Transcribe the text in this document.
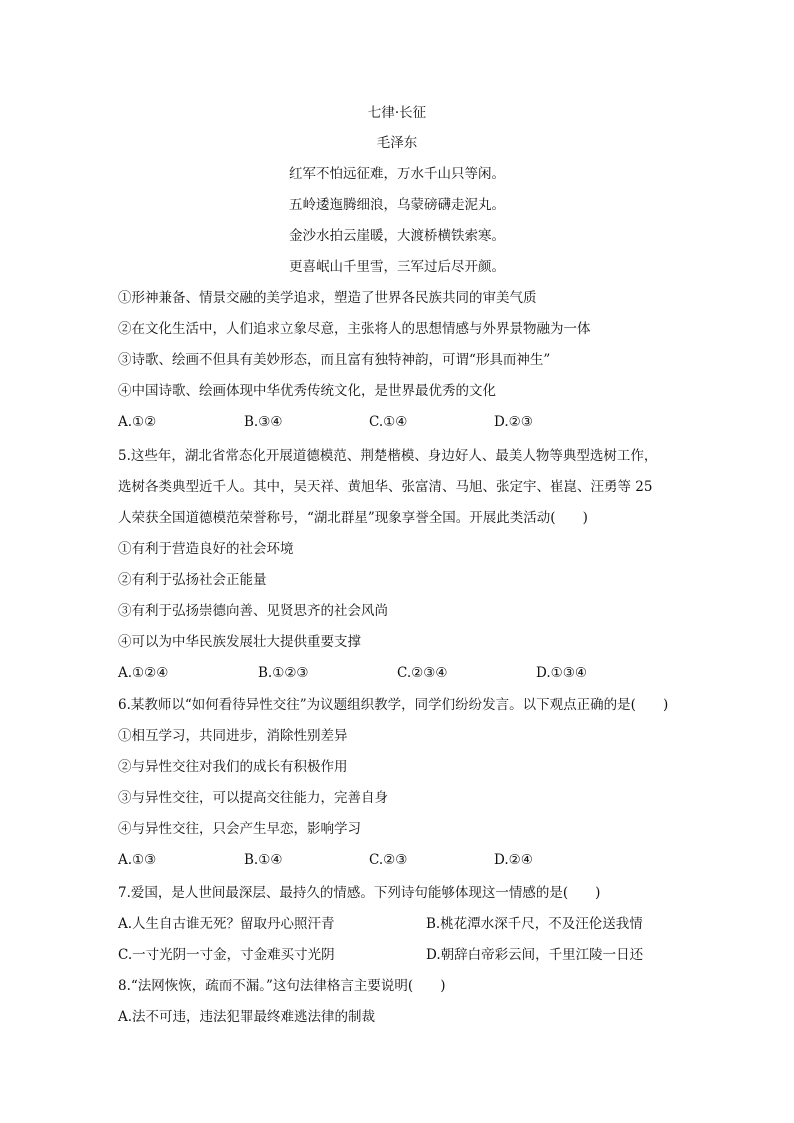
七律·长征
毛泽东
红军不怕远征难，万水千山只等闲。
五岭逶迤腾细浪，乌蒙磅礴走泥丸。
金沙水拍云崖暖，大渡桥横铁索寒。
更喜岷山千里雪，三军过后尽开颜。
①形神兼备、情景交融的美学追求，塑造了世界各民族共同的审美气质
②在文化生活中，人们追求立象尽意，主张将人的思想情感与外界景物融为一体
③诗歌、绘画不但具有美妙形态，而且富有独特神韵，可谓“形具而神生”
④中国诗歌、绘画体现中华优秀传统文化，是世界最优秀的文化
A.①②	B.③④	C.①④	D.②③
5.这些年，湖北省常态化开展道德模范、荆楚楷模、身边好人、最美人物等典型选树工作，
选树各类典型近千人。其中，吴天祥、黄旭华、张富清、马旭、张定宇、崔崑、汪勇等 25
人荣获全国道德模范荣誉称号，“湖北群星”现象享誉全国。开展此类活动(　　)
①有利于营造良好的社会环境
②有利于弘扬社会正能量
③有利于弘扬崇德向善、见贤思齐的社会风尚
④可以为中华民族发展壮大提供重要支撑
A.①②④	B.①②③	C.②③④	D.①③④
6.某教师以“如何看待异性交往”为议题组织教学，同学们纷纷发言。以下观点正确的是(　　)
①相互学习，共同进步，消除性别差异
②与异性交往对我们的成长有积极作用
③与异性交往，可以提高交往能力，完善自身
④与异性交往，只会产生早恋，影响学习
A.①③	B.①④	C.②③	D.②④
7.爱国，是人世间最深层、最持久的情感。下列诗句能够体现这一情感的是(　　)
A.人生自古谁无死？留取丹心照汗青	B.桃花潭水深千尺，不及汪伦送我情
C.一寸光阴一寸金，寸金难买寸光阴	D.朝辞白帝彩云间，千里江陵一日还
8.“法网恢恢，疏而不漏。”这句法律格言主要说明(　　)
A.法不可违，违法犯罪最终难逃法律的制裁
